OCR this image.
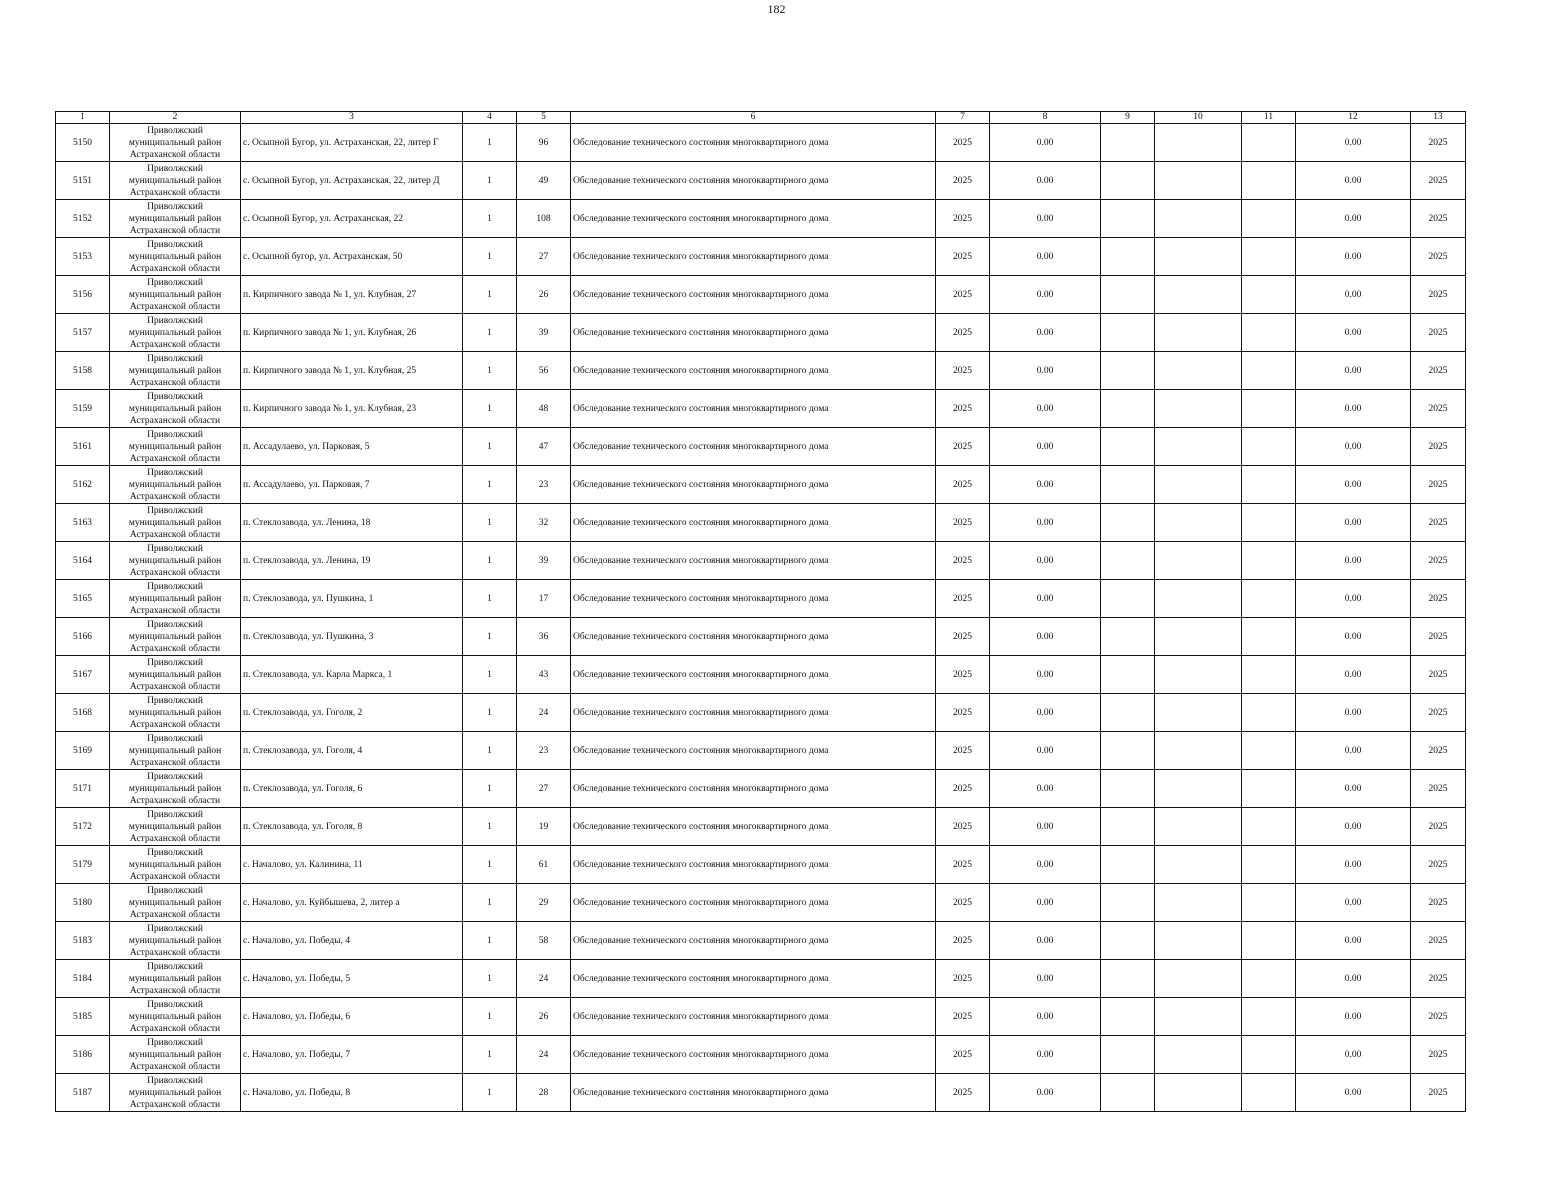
182
1	2	3	4	5	6	7	8	9	10	11	12	13
5150	Приволжский
муниципальный район
Астраханской области	с. Осыпной Бугор, ул. Астраханская, 22, литер Г	1	96	Обследование технического состояния многоквартирного дома	2025	0.00				0.00	2025
5151	Приволжский
муниципальный район
Астраханской области	с. Осыпной Бугор, ул. Астраханская, 22, литер Д	1	49	Обследование технического состояния многоквартирного дома	2025	0.00				0.00	2025
5152	Приволжский
муниципальный район
Астраханской области	с. Осыпной Бугор, ул. Астраханская, 22	1	108	Обследование технического состояния многоквартирного дома	2025	0.00				0.00	2025
5153	Приволжский
муниципальный район
Астраханской области	с. Осыпной бугор, ул. Астраханская, 50	1	27	Обследование технического состояния многоквартирного дома	2025	0.00				0.00	2025
5156	Приволжский
муниципальный район
Астраханской области	п. Кирпичного завода № 1, ул. Клубная, 27	1	26	Обследование технического состояния многоквартирного дома	2025	0.00				0.00	2025
5157	Приволжский
муниципальный район
Астраханской области	п. Кирпичного завода № 1, ул. Клубная, 26	1	39	Обследование технического состояния многоквартирного дома	2025	0.00				0.00	2025
5158	Приволжский
муниципальный район
Астраханской области	п. Кирпичного завода № 1, ул. Клубная, 25	1	56	Обследование технического состояния многоквартирного дома	2025	0.00				0.00	2025
5159	Приволжский
муниципальный район
Астраханской области	п. Кирпичного завода № 1, ул. Клубная, 23	1	48	Обследование технического состояния многоквартирного дома	2025	0.00				0.00	2025
5161	Приволжский
муниципальный район
Астраханской области	п. Ассадулаево, ул. Парковая, 5	1	47	Обследование технического состояния многоквартирного дома	2025	0.00				0.00	2025
5162	Приволжский
муниципальный район
Астраханской области	п. Ассадулаево, ул. Парковая, 7	1	23	Обследование технического состояния многоквартирного дома	2025	0.00				0.00	2025
5163	Приволжский
муниципальный район
Астраханской области	п. Стеклозавода, ул. Ленина, 18	1	32	Обследование технического состояния многоквартирного дома	2025	0.00				0.00	2025
5164	Приволжский
муниципальный район
Астраханской области	п. Стеклозавода, ул. Ленина, 19	1	39	Обследование технического состояния многоквартирного дома	2025	0.00				0.00	2025
5165	Приволжский
муниципальный район
Астраханской области	п. Стеклозавода, ул. Пушкина, 1	1	17	Обследование технического состояния многоквартирного дома	2025	0.00				0.00	2025
5166	Приволжский
муниципальный район
Астраханской области	п. Стеклозавода, ул. Пушкина, 3	1	36	Обследование технического состояния многоквартирного дома	2025	0.00				0.00	2025
5167	Приволжский
муниципальный район
Астраханской области	п. Стеклозавода, ул. Карла Маркса, 1	1	43	Обследование технического состояния многоквартирного дома	2025	0.00				0.00	2025
5168	Приволжский
муниципальный район
Астраханской области	п. Стеклозавода, ул. Гоголя, 2	1	24	Обследование технического состояния многоквартирного дома	2025	0.00				0.00	2025
5169	Приволжский
муниципальный район
Астраханской области	п. Стеклозавода, ул. Гоголя, 4	1	23	Обследование технического состояния многоквартирного дома	2025	0.00				0.00	2025
5171	Приволжский
муниципальный район
Астраханской области	п. Стеклозавода, ул. Гоголя, 6	1	27	Обследование технического состояния многоквартирного дома	2025	0.00				0.00	2025
5172	Приволжский
муниципальный район
Астраханской области	п. Стеклозавода, ул. Гоголя, 8	1	19	Обследование технического состояния многоквартирного дома	2025	0.00				0.00	2025
5179	Приволжский
муниципальный район
Астраханской области	с. Началово, ул. Калинина, 11	1	61	Обследование технического состояния многоквартирного дома	2025	0.00				0.00	2025
5180	Приволжский
муниципальный район
Астраханской области	с. Началово, ул. Куйбышева, 2, литер а	1	29	Обследование технического состояния многоквартирного дома	2025	0.00				0.00	2025
5183	Приволжский
муниципальный район
Астраханской области	с. Началово, ул. Победы, 4	1	58	Обследование технического состояния многоквартирного дома	2025	0.00				0.00	2025
5184	Приволжский
муниципальный район
Астраханской области	с. Началово, ул. Победы, 5	1	24	Обследование технического состояния многоквартирного дома	2025	0.00				0.00	2025
5185	Приволжский
муниципальный район
Астраханской области	с. Началово, ул. Победы, 6	1	26	Обследование технического состояния многоквартирного дома	2025	0.00				0.00	2025
5186	Приволжский
муниципальный район
Астраханской области	с. Началово, ул. Победы, 7	1	24	Обследование технического состояния многоквартирного дома	2025	0.00				0.00	2025
5187	Приволжский
муниципальный район
Астраханской области	с. Началово, ул. Победы, 8	1	28	Обследование технического состояния многоквартирного дома	2025	0.00				0.00	2025
